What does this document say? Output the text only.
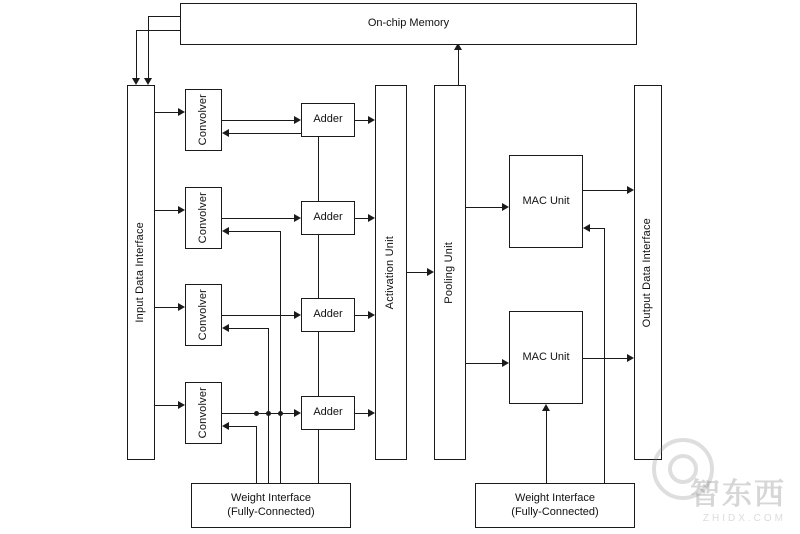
On-chip Memory
Input Data Interface
Convolver
Convolver
Convolver
Convolver
Adder
Adder
Adder
Adder
Activation Unit	Pooling Unit
MAC Unit
MAC Unit
Output Data Interface
Weight Interface
(Fully-Connected)
Weight Interface
(Fully-Connected)
智东西
ZHIDX.COM
